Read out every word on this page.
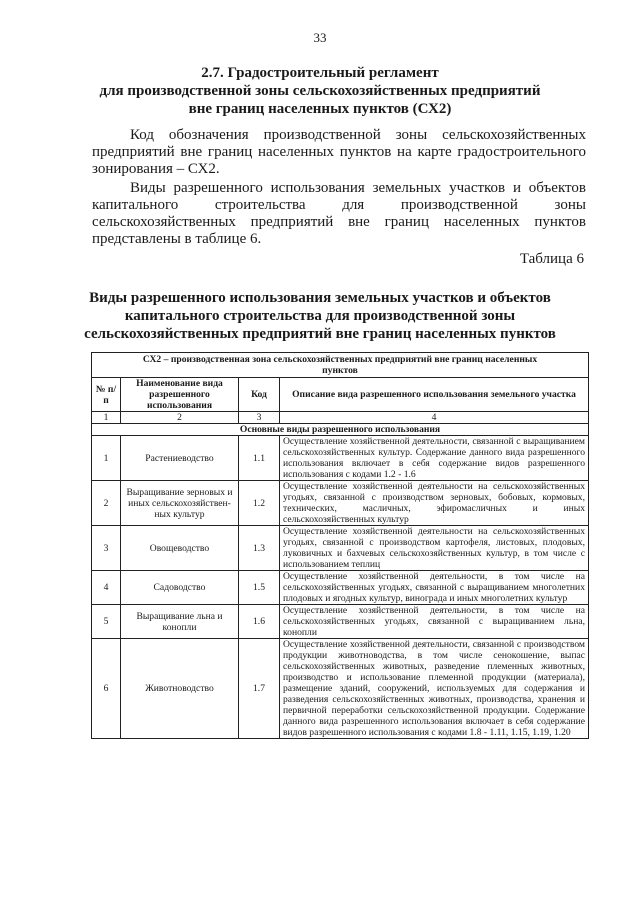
33
2.7. Градостроительный регламент
для производственной зоны сельскохозяйственных предприятий
вне границ населенных пунктов (СХ2)
Код обозначения производственной зоны сельскохозяйственных предприятий вне границ населенных пунктов на карте градостроительного зонирования – СХ2.
Виды разрешенного использования земельных участков и объектов капитального строительства для производственной зоны сельскохозяйственных предприятий вне границ населенных пунктов представлены в таблице 6.
Таблица 6
Виды разрешенного использования земельных участков и объектов
капитального строительства для производственной зоны
сельскохозяйственных предприятий вне границ населенных пунктов
СХ2 – производственная зона сельскохозяйственных предприятий вне границ населенных пунктов			
№ п/п	Наименование вида разрешенного использования	Код	Описание вида разрешенного использования земельного участка
1	2	3	4
Основные виды разрешенного использования			
1	Растениеводство	1.1	Осуществление хозяйственной деятельности, связанной с выращиванием сельскохозяйственных культур. Содержание данного вида разрешенного использования включает в себя содержание видов разрешенного использования с кодами 1.2 - 1.6
2	Выращивание зерновых и иных сельскохозяйствен-ных культур	1.2	Осуществление хозяйственной деятельности на сельскохозяйственных угодьях, связанной с производством зерновых, бобовых, кормовых, технических, масличных, эфиромасличных и иных сельскохозяйственных культур
3	Овощеводство	1.3	Осуществление хозяйственной деятельности на сельскохозяйственных угодьях, связанной с производством картофеля, листовых, плодовых, луковичных и бахчевых сельскохозяйственных культур, в том числе с использованием теплиц
4	Садоводство	1.5	Осуществление хозяйственной деятельности, в том числе на сельскохозяйственных угодьях, связанной с выращиванием многолетних плодовых и ягодных культур, винограда и иных многолетних культур
5	Выращивание льна и конопли	1.6	Осуществление хозяйственной деятельности, в том числе на сельскохозяйственных угодьях, связанной с выращиванием льна, конопли
6	Животноводство	1.7	Осуществление хозяйственной деятельности, связанной с производством продукции животноводства, в том числе сенокошение, выпас сельскохозяйственных животных, разведение племенных животных, производство и использование племенной продукции (материала), размещение зданий, сооружений, используемых для содержания и разведения сельскохозяйственных животных, производства, хранения и первичной переработки сельскохозяйственной продукции. Содержание данного вида разрешенного использования включает в себя содержание видов разрешенного использования с кодами 1.8 - 1.11, 1.15, 1.19, 1.20
